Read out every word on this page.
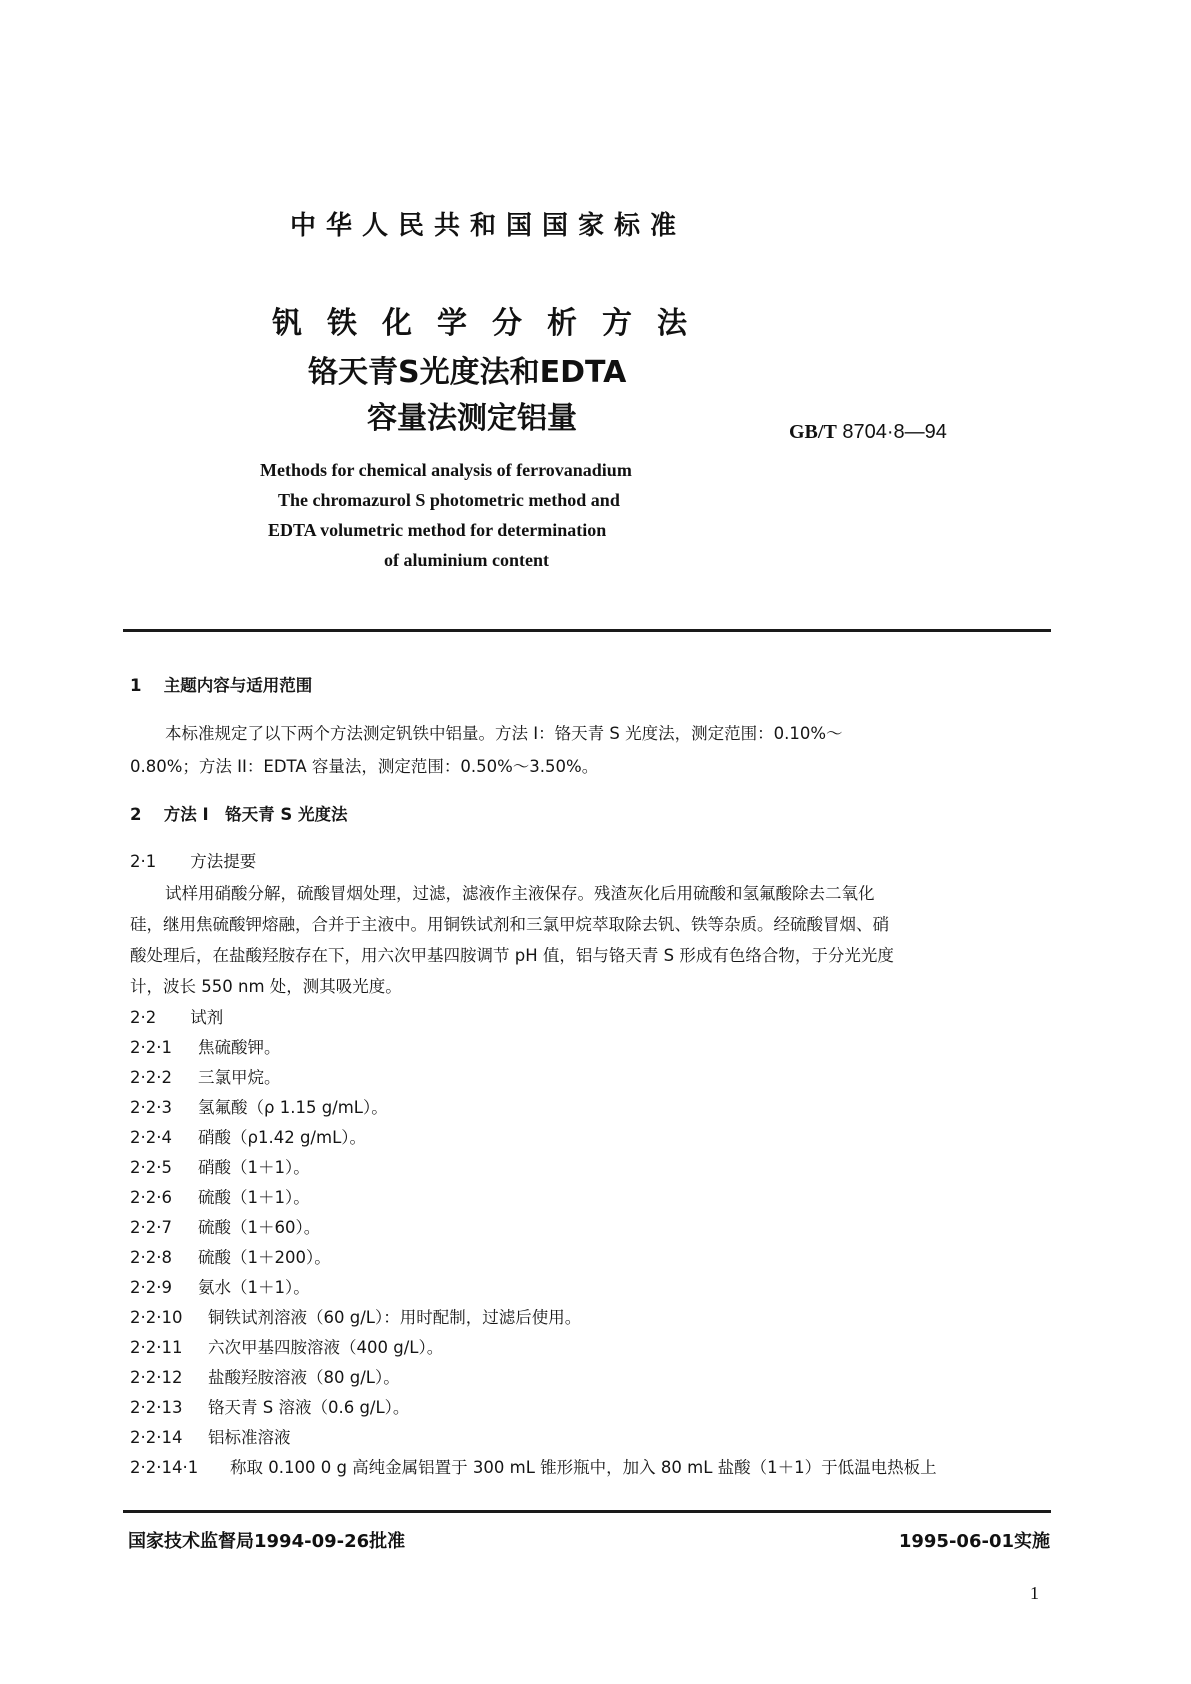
中华人民共和国国家标准
钒铁化学分析方法
铬天青S光度法和EDTA
容量法测定铝量	GB/T 8704·8—94
Methods for chemical analysis of ferrovanadium
The chromazurol S photometric method and
EDTA volumetric method for determination
of aluminium content
1 主题内容与适用范围
本标准规定了以下两个方法测定钒铁中铝量。方法 I：铬天青 S 光度法，测定范围：0.10%～
0.80%；方法 II：EDTA 容量法，测定范围：0.50%～3.50%。
2 方法 I　铬天青 S 光度法
2·1 方法提要
试样用硝酸分解，硫酸冒烟处理，过滤，滤液作主液保存。残渣灰化后用硫酸和氢氟酸除去二氧化
硅，继用焦硫酸钾熔融，合并于主液中。用铜铁试剂和三氯甲烷萃取除去钒、铁等杂质。经硫酸冒烟、硝
酸处理后，在盐酸羟胺存在下，用六次甲基四胺调节 pH 值，铝与铬天青 S 形成有色络合物，于分光光度
计，波长 550 nm 处，测其吸光度。
2·2 试剂
2·2·1 焦硫酸钾。
2·2·2 三氯甲烷。
2·2·3 氢氟酸（ρ 1.15 g/mL）。
2·2·4 硝酸（ρ1.42 g/mL）。
2·2·5 硝酸（1＋1）。
2·2·6 硫酸（1＋1）。
2·2·7 硫酸（1＋60）。
2·2·8 硫酸（1＋200）。
2·2·9 氨水（1＋1）。
2·2·10 铜铁试剂溶液（60 g/L）：用时配制，过滤后使用。
2·2·11 六次甲基四胺溶液（400 g/L）。
2·2·12 盐酸羟胺溶液（80 g/L）。
2·2·13 铬天青 S 溶液（0.6 g/L）。
2·2·14 铝标准溶液
2·2·14·1 称取 0.100 0 g 高纯金属铝置于 300 mL 锥形瓶中，加入 80 mL 盐酸（1＋1）于低温电热板上
国家技术监督局1994-09-26批准	1995-06-01实施
1
